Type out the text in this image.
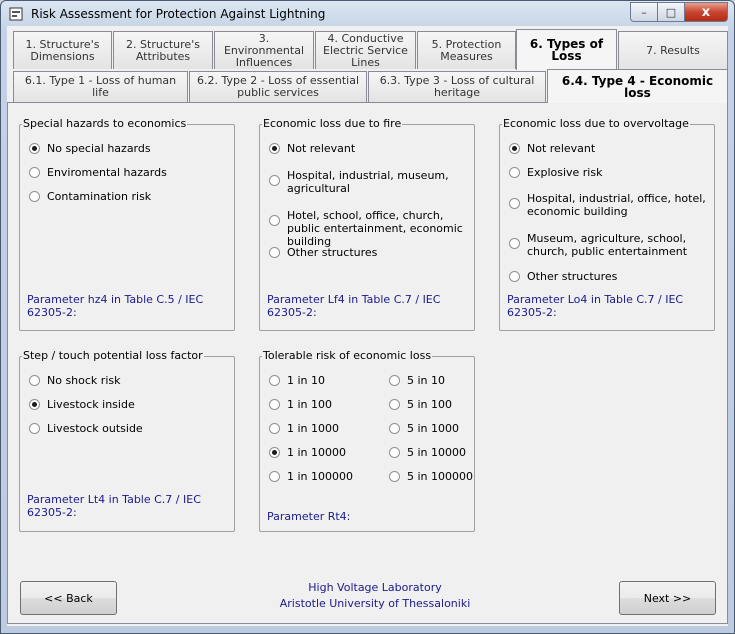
Risk Assessment for Protection Against Lightning	–	□	x
1. Structure's Dimensions
2. Structure's Attributes
3. Environmental Influences
4. Conductive Electric Service Lines
5. Protection Measures
6. Types of Loss	7. Results
6.1. Type 1 - Loss of human life
6.2. Type 2 - Loss of essential public services
6.3. Type 3 - Loss of cultural heritage
6.4. Type 4 - Economic loss
Special hazards to economics
No special hazards
Enviromental hazards
Contamination risk
Parameter hz4 in Table C.5 / IEC 62305-2:
Economic loss due to fire
Not relevant
Hospital, industrial, museum, agricultural
Hotel, school, office, church, public entertainment, economic building
Other structures
Parameter Lf4 in Table C.7 / IEC 62305-2:
Economic loss due to overvoltage
Not relevant
Explosive risk
Hospital, industrial, office, hotel, economic building
Museum, agriculture, school, church, public entertainment
Other structures
Parameter Lo4 in Table C.7 / IEC 62305-2:
Step / touch potential loss factor
No shock risk
Livestock inside
Livestock outside
Parameter Lt4 in Table C.7 / IEC 62305-2:
Tolerable risk of economic loss
1 in 10
1 in 100
1 in 1000
1 in 10000
1 in 100000
5 in 10
5 in 100
5 in 1000
5 in 10000
5 in 100000
Parameter Rt4:
<< Back
High Voltage Laboratory
Aristotle University of Thessaloniki	Next >>
